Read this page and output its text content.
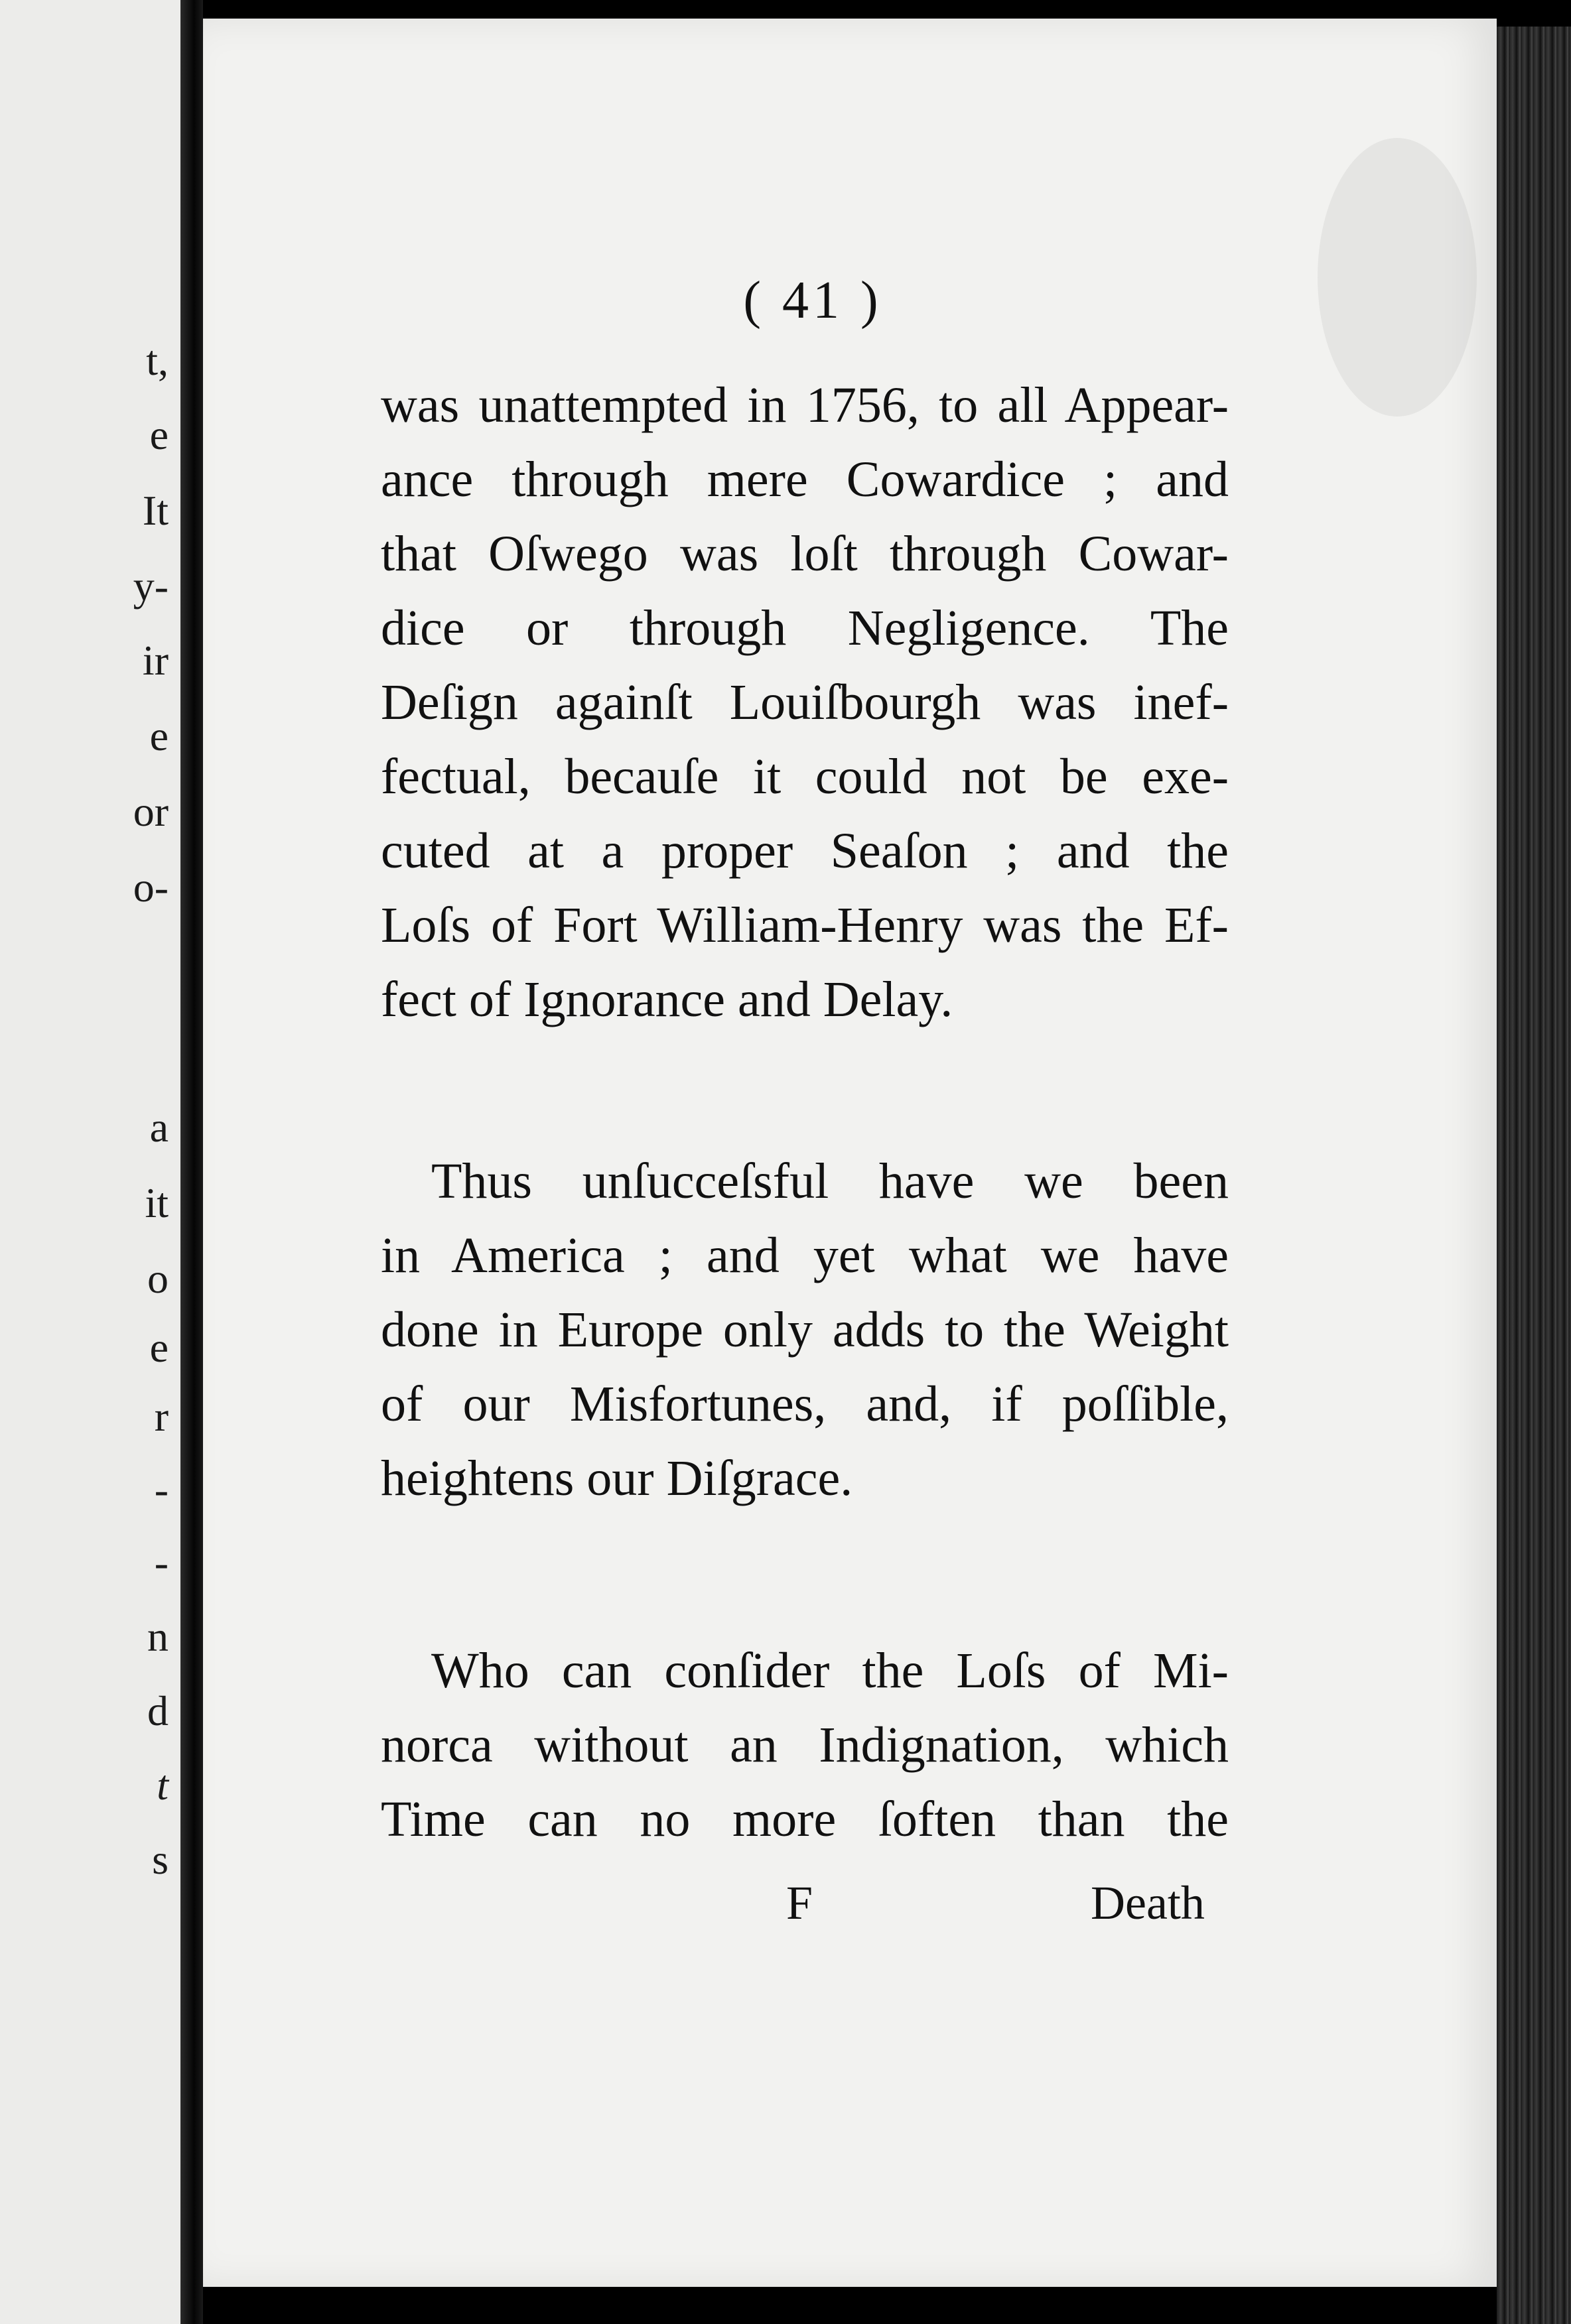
t,
e
It
y-
ir
e
or
o-
a
it
o
e
r
-
-
n
d
t
s
( 41 )
was unattempted in 1756, to all Appear-
ance through mere Cowardice ; and
that Oſwego was loſt through Cowar-
dice or through Negligence. The
Deſign againſt Louiſbourgh was inef-
fectual, becauſe it could not be exe-
cuted at a proper Seaſon ; and the
Loſs of Fort William-Henry was the Ef-
fect of Ignorance and Delay.
Thus unſucceſsful have we been
in America ; and yet what we have
done in Europe only adds to the Weight
of our Misfortunes, and, if poſſible,
heightens our Diſgrace.
Who can conſider the Loſs of Mi-
norca without an Indignation, which
Time can no more ſoften than the
F	Death
